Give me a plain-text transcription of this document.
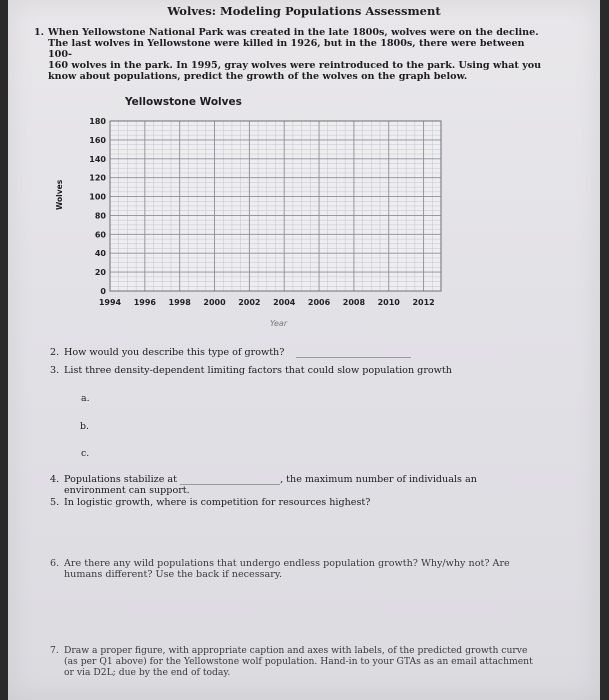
Wolves: Modeling Populations Assessment
1. When Yellowstone National Park was created in the late 1800s, wolves were on the decline.
The last wolves in Yellowstone were killed in 1926, but in the 1800s, there were between 100-
160 wolves in the park. In 1995, gray wolves were reintroduced to the park. Using what you
know about populations, predict the growth of the wolves on the graph below.
Yellowstone Wolves
Wolves
0
20
40
60
80
100
120
140
160
180
1994 1996 1998 2000 2002 2004 2006 2008 2010 2012
Year
2. How would you describe this type of growth?
3. List three density-dependent limiting factors that could slow population growth
a.
b.
c.
4. Populations stabilize at	, the maximum number of individuals an
environment can support.
5. In logistic growth, where is competition for resources highest?
6. Are there any wild populations that undergo endless population growth? Why/why not? Are
humans different? Use the back if necessary.
7. Draw a proper figure, with appropriate caption and axes with labels, of the predicted growth curve
(as per Q1 above) for the Yellowstone wolf population. Hand-in to your GTAs as an email attachment
or via D2L; due by the end of today.
